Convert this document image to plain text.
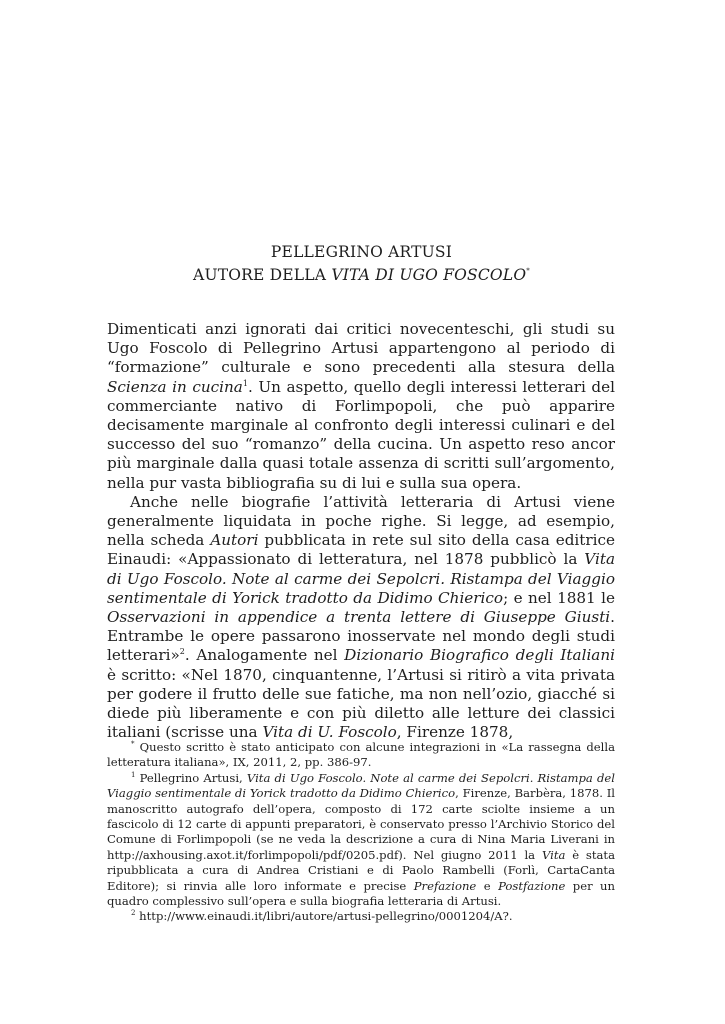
PELLEGRINO ARTUSI
AUTORE DELLA VITA DI UGO FOSCOLO*

Dimenticati anzi ignorati dai critici novecenteschi, gli studi su Ugo Foscolo di Pellegrino Artusi appartengono al periodo di “formazione” culturale e sono precedenti alla stesura della Scienza in cucina$^1$. Un aspetto, quello degli interessi letterari del commerciante nativo di Forlimpopoli, che può apparire decisamente marginale al confronto degli interessi culinari e del successo del suo “romanzo” della cucina. Un aspetto reso ancor più marginale dalla quasi totale assenza di scritti sull’argomento, nella pur vasta bibliografia su di lui e sulla sua opera.

Anche nelle biografie l’attività letteraria di Artusi viene generalmente liquidata in poche righe. Si legge, ad esempio, nella scheda Autori pubblicata in rete sul sito della casa editrice Einaudi: «Appassionato di letteratura, nel 1878 pubblicò la Vita di Ugo Foscolo. Note al carme dei Sepolcri. Ristampa del Viaggio sentimentale di Yorick tradotto da Didimo Chierico; e nel 1881 le Osservazioni in appendice a trenta lettere di Giuseppe Giusti. Entrambe le opere passarono inosservate nel mondo degli studi letterari»$^2$. Analogamente nel Dizionario Biografico degli Italiani è scritto: «Nel 1870, cinquantenne, l’Artusi si ritirò a vita privata per godere il frutto delle sue fatiche, ma non nell’ozio, giacché si diede più liberamente e con più diletto alle letture dei classici italiani (scrisse una Vita di U. Foscolo, Firenze 1878,

* Questo scritto è stato anticipato con alcune integrazioni in «La rassegna della letteratura italiana», IX, 2011, 2, pp. 386-97.

$^1$ Pellegrino Artusi, Vita di Ugo Foscolo. Note al carme dei Sepolcri. Ristampa del Viaggio sentimentale di Yorick tradotto da Didimo Chierico, Firenze, Barbèra, 1878. Il manoscritto autografo dell’opera, composto di 172 carte sciolte insieme a un fascicolo di 12 carte di appunti preparatori, è conservato presso l’Archivio Storico del Comune di Forlimpopoli (se ne veda la descrizione a cura di Nina Maria Liverani in http://axhousing.axot.it/forlimpopoli/pdf/0205.pdf). Nel giugno 2011 la Vita è stata ripubblicata a cura di Andrea Cristiani e di Paolo Rambelli (Forlì, CartaCanta Editore); si rinvia alle loro informate e precise Prefazione e Postfazione per un quadro complessivo sull’opera e sulla biografia letteraria di Artusi.

$^2$ http://www.einaudi.it/libri/autore/artusi-pellegrino/0001204/A?.
